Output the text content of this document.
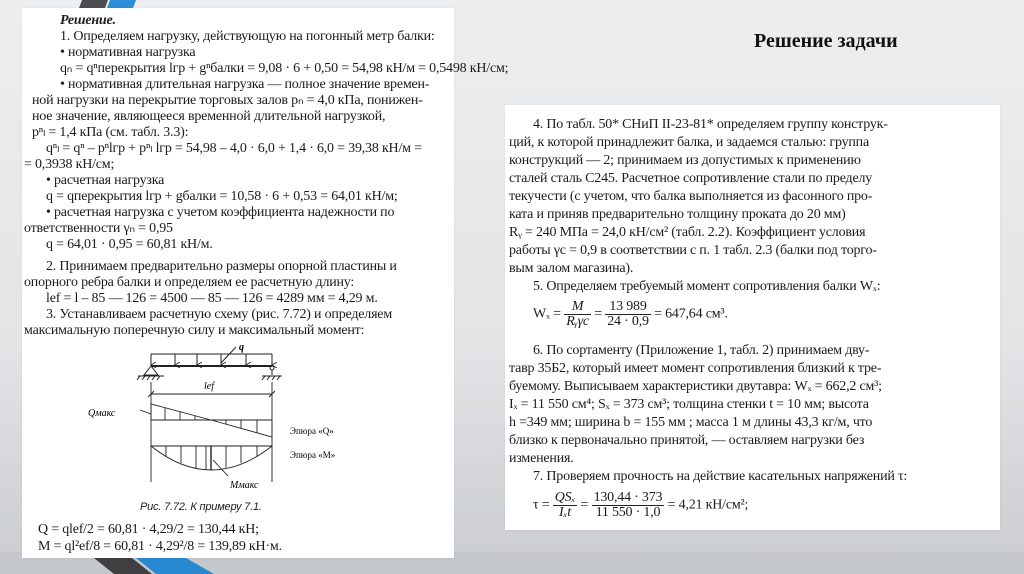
Решение задачи
Решение.
1. Определяем нагрузку, действующую на погонный метр балки:
• нормативная нагрузка
qₙ = qⁿперекрытия lгр + gⁿбалки = 9,08 · 6 + 0,50 = 54,98 кН/м = 0,5498 кН/см;
• нормативная длительная нагрузка — полное значение времен-
ной нагрузки на перекрытие торговых залов pₙ = 4,0 кПа, понижен-
ное значение, являющееся временной длительной нагрузкой,
pⁿₗ = 1,4 кПа (см. табл. 3.3):
qⁿₗ = qⁿ – pⁿlгр + pⁿₗ lгр = 54,98 – 4,0 · 6,0 + 1,4 · 6,0 = 39,38 кН/м =
= 0,3938 кН/см;
• расчетная нагрузка
q = qперекрытия lгр + gбалки = 10,58 · 6 + 0,53 = 64,01 кН/м;
• расчетная нагрузка с учетом коэффициента надежности по
ответственности γₙ = 0,95
q = 64,01 · 0,95 = 60,81 кН/м.
2. Принимаем предварительно размеры опорной пластины и
опорного ребра балки и определяем ее расчетную длину:
lef = l – 85 — 126 = 4500 — 85 — 126 = 4289 мм = 4,29 м.
3. Устанавливаем расчетную схему (рис. 7.72) и определяем
максимальную поперечную силу и максимальный момент:
q
lef
Qмакс
Эпюра «Q»
Эпюра «M»
Mмакс
Рис. 7.72. К примеру 7.1.
Q = qlef/2 = 60,81 · 4,29/2 = 130,44 кН;
M = ql²ef/8 = 60,81 · 4,29²/8 = 139,89 кН·м.
4. По табл. 50* СНиП II-23-81* определяем группу конструк-
ций, к которой принадлежит балка, и задаемся сталью: группа
конструкций — 2; принимаем из допустимых к применению
сталей сталь С245. Расчетное сопротивление стали по пределу
текучести (с учетом, что балка выполняется из фасонного про-
ката и приняв предварительно толщину проката до 20 мм)
Rᵧ = 240 МПа = 24,0 кН/см² (табл. 2.2). Коэффициент условия
работы γc = 0,9 в соответствии с п. 1 табл. 2.3 (балки под торго-
вым залом магазина).
5. Определяем требуемый момент сопротивления балки Wₓ:
$W_x = \frac{M}{\text{Rᵧγc}} = \frac{13 989}{24 \cdot 0,9} = 647,64$ см³.
6. По сортаменту (Приложение 1, табл. 2) принимаем дву-
тавр 35Б2, который имеет момент сопротивления близкий к тре-
буемому. Выписываем характеристики двутавра: Wₓ = 662,2 см³;
Iₓ = 11 550 см⁴; Sₓ = 373 см³; толщина стенки t = 10 мм; высота
h =349 мм; ширина b = 155 мм ; масса 1 м длины 43,3 кг/м, что
близко к первоначально принятой, — оставляем нагрузки без
изменения.
7. Проверяем прочность на действие касательных напряжений τ:
$\tau = \frac{\text{QSₓ}}{\text{Iₓt}} = \frac{130,44 \cdot 373}{11 550 \cdot 1,0} = 4,21$ кН/см²;
